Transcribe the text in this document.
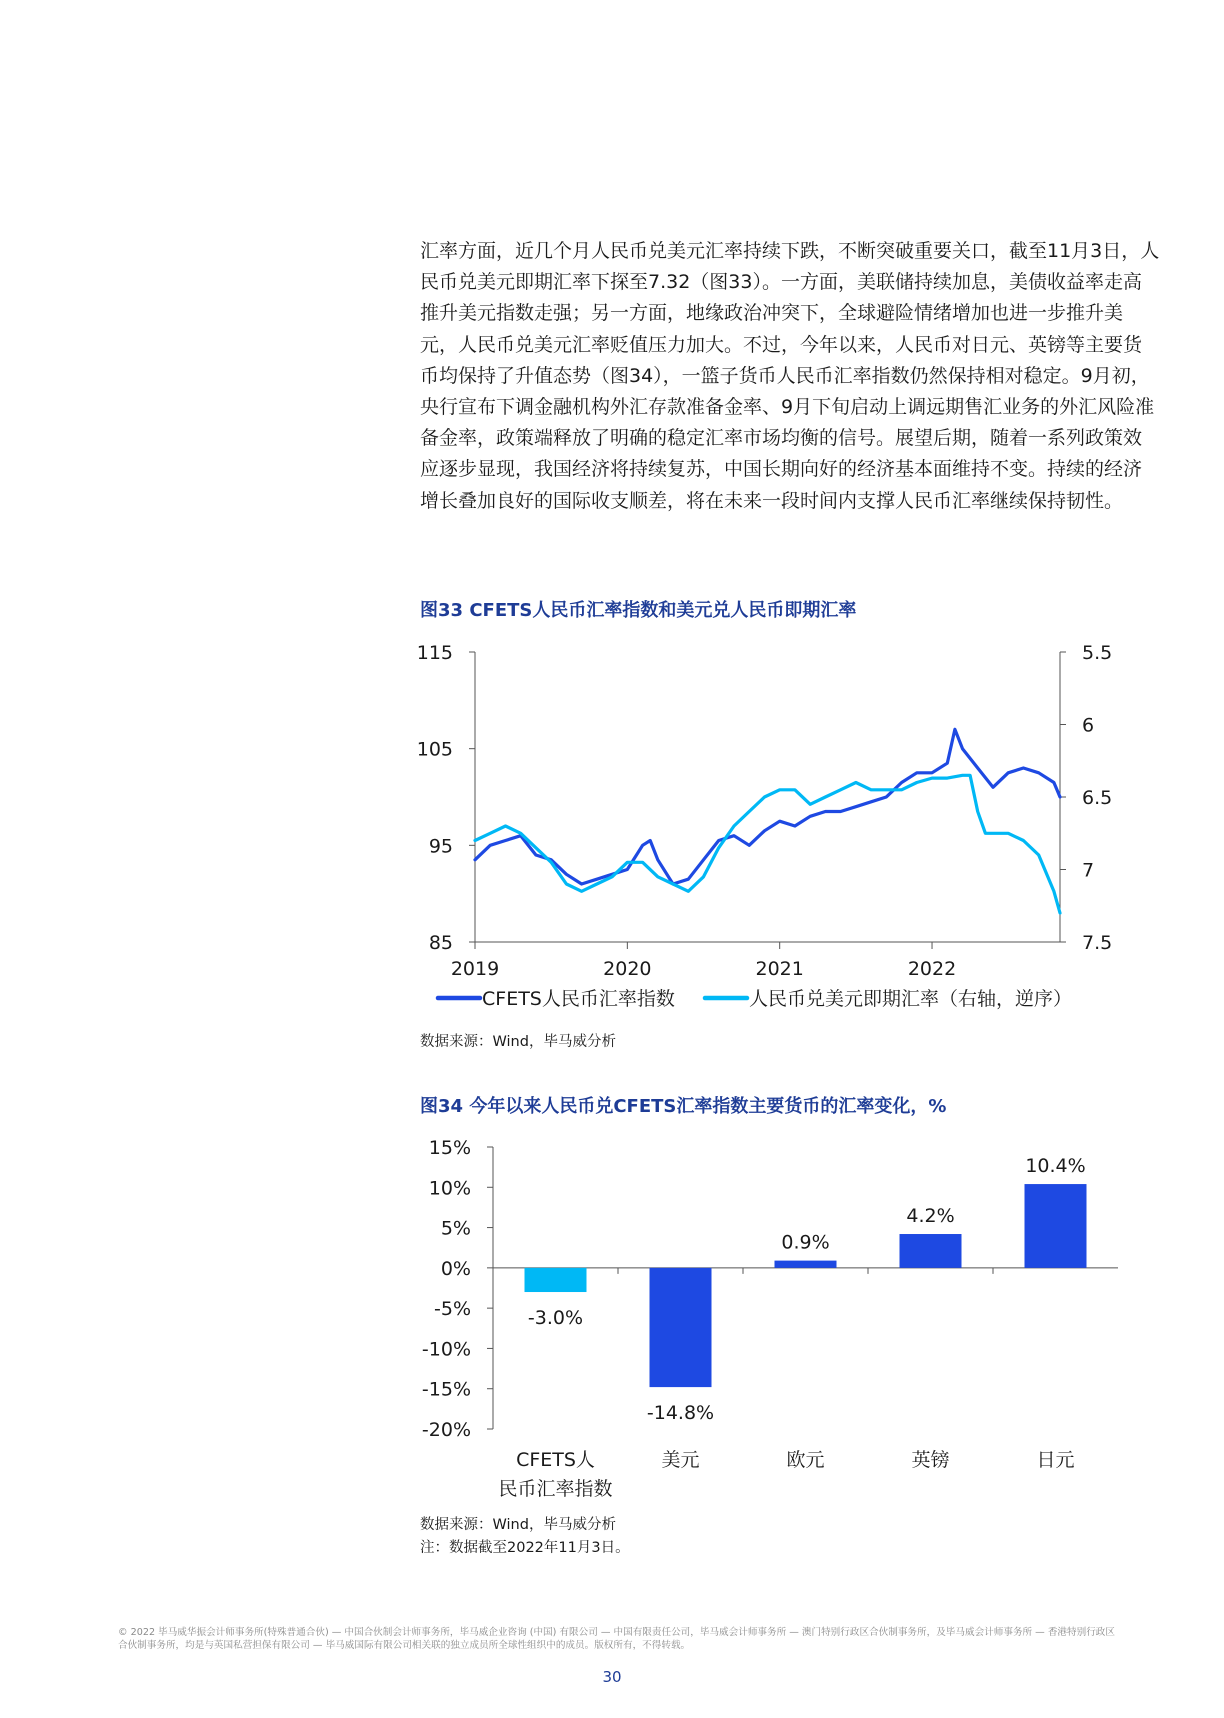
汇率方面，近几个月人民币兑美元汇率持续下跌，不断突破重要关口，截至11月3日，人民币兑美元即期汇率下探至7.32（图33）。一方面，美联储持续加息，美债收益率走高推升美元指数走强；另一方面，地缘政治冲突下，全球避险情绪增加也进一步推升美元，人民币兑美元汇率贬值压力加大。不过，今年以来，人民币对日元、英镑等主要货币均保持了升值态势（图34），一篮子货币人民币汇率指数仍然保持相对稳定。9月初，央行宣布下调金融机构外汇存款准备金率、9月下旬启动上调远期售汇业务的外汇风险准备金率，政策端释放了明确的稳定汇率市场均衡的信号。展望后期，随着一系列政策效应逐步显现，我国经济将持续复苏，中国长期向好的经济基本面维持不变。持续的经济增长叠加良好的国际收支顺差，将在未来一段时间内支撑人民币汇率继续保持韧性。

图33 CFETS人民币汇率指数和美元兑人民币即期汇率
115
105
95
85
5.5
6
6.5
7
7.5
2019	2020	2021	2022
CFETS人民币汇率指数	人民币兑美元即期汇率（右轴，逆序）
数据来源：Wind，毕马威分析
图34 今年以来人民币兑CFETS汇率指数主要货币的汇率变化，%
15%
10%
5%
0%
-5%
-10%
-15%
-20%
-3.0%
-14.8%
0.9%
4.2%
10.4%
CFETS人
民币汇率指数
美元	欧元	英镑	日元
数据来源：Wind，毕马威分析
注：数据截至2022年11月3日。
© 2022 毕马威华振会计师事务所(特殊普通合伙) — 中国合伙制会计师事务所，毕马威企业咨询 (中国) 有限公司 — 中国有限责任公司，毕马威会计师事务所 — 澳门特别行政区合伙制事务所，及毕马威会计师事务所 — 香港特别行政区合伙制事务所，均是与英国私营担保有限公司 — 毕马威国际有限公司相关联的独立成员所全球性组织中的成员。版权所有，不得转载。
30
